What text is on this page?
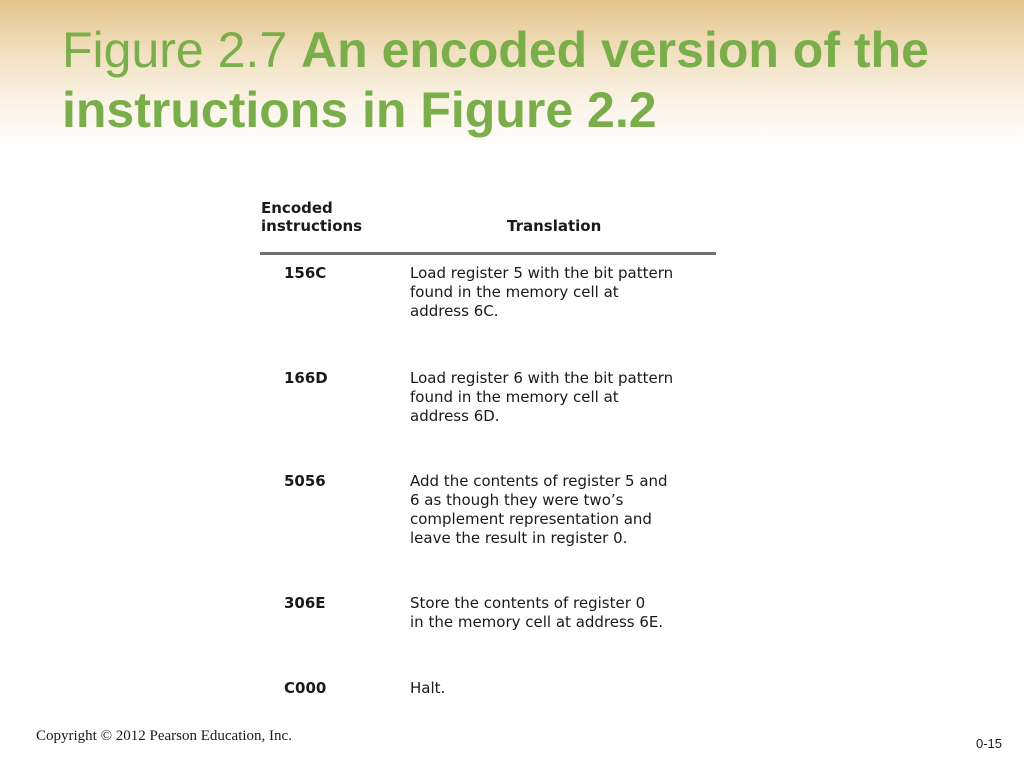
Figure 2.7 An encoded version of the instructions in Figure 2.2
Encoded
instructions	Translation
156C	Load register 5 with the bit pattern
found in the memory cell at
address 6C.
166D	Load register 6 with the bit pattern
found in the memory cell at
address 6D.
5056	Add the contents of register 5 and
6 as though they were two’s
complement representation and
leave the result in register 0.
306E	Store the contents of register 0
in the memory cell at address 6E.
C000	Halt.
Copyright © 2012 Pearson Education, Inc.	0-15
